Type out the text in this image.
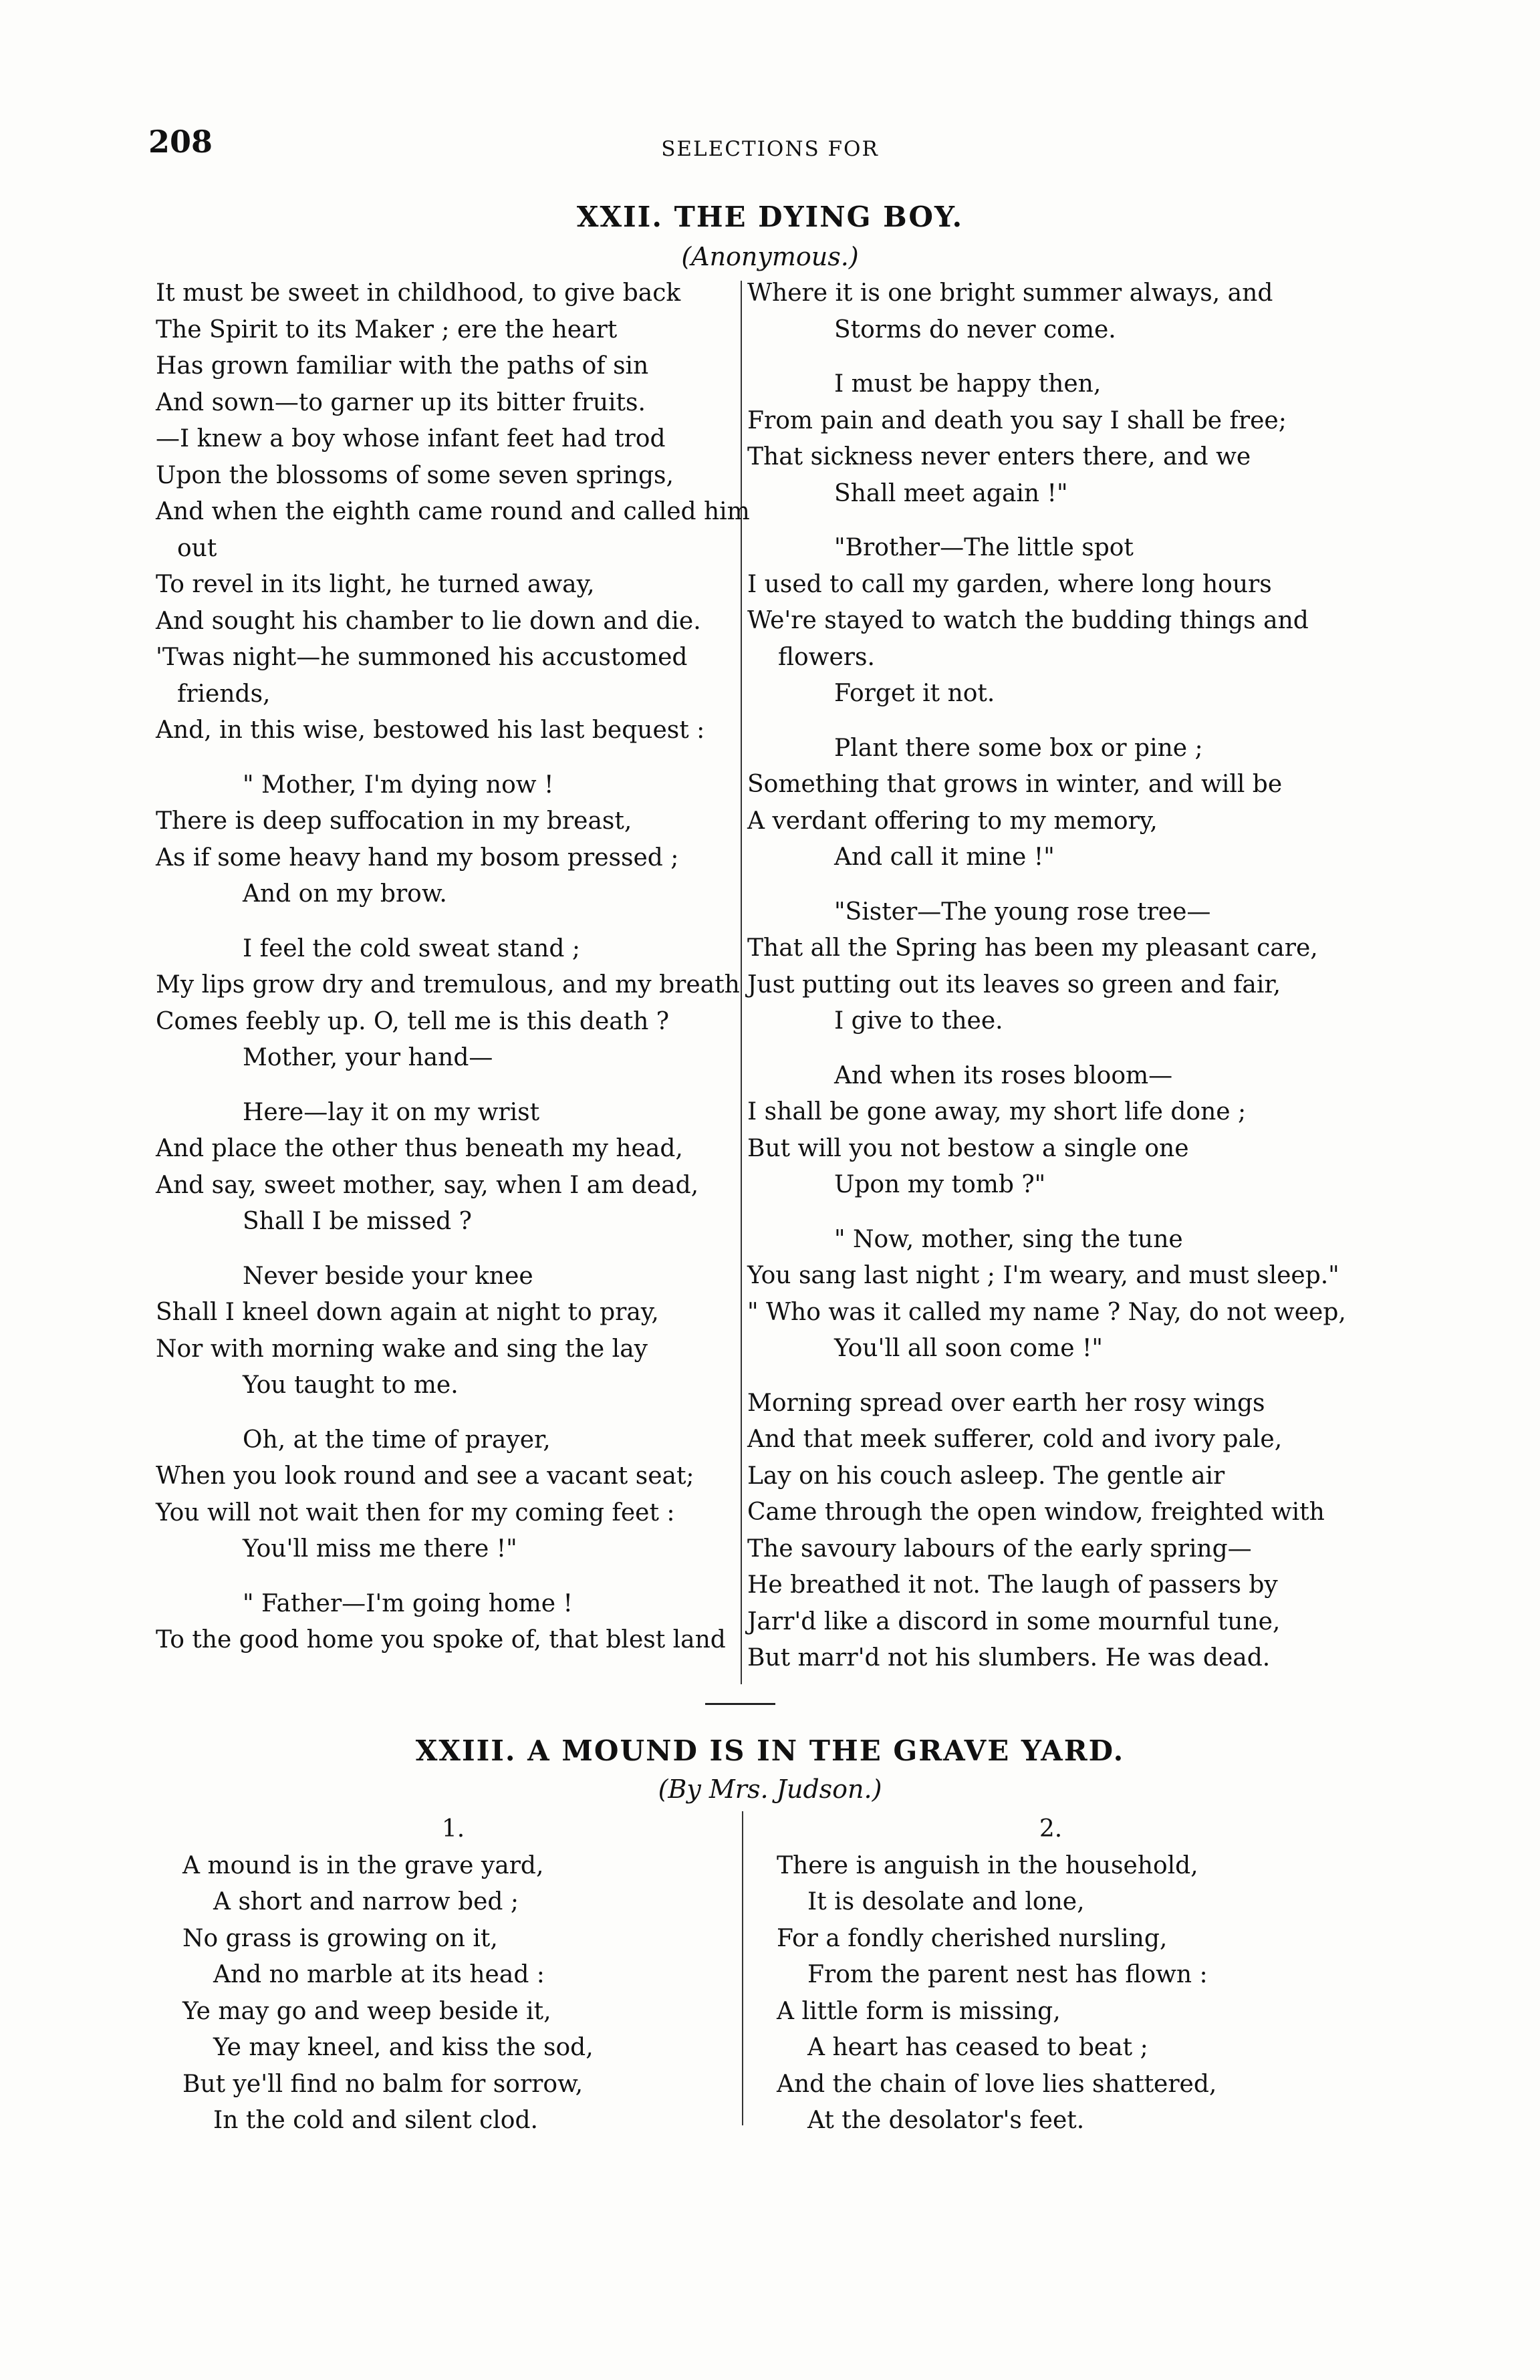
208	SELECTIONS FOR
XXII. THE DYING BOY.
(Anonymous.)
It must be sweet in childhood, to give back
The Spirit to its Maker ; ere the heart
Has grown familiar with the paths of sin
And sown—to garner up its bitter fruits.
—I knew a boy whose infant feet had trod
Upon the blossoms of some seven springs,
And when the eighth came round and called him
out
To revel in its light, he turned away,
And sought his chamber to lie down and die.
'Twas night—he summoned his accustomed
friends,
And, in this wise, bestowed his last bequest :
" Mother, I'm dying now !
There is deep suffocation in my breast,
As if some heavy hand my bosom pressed ;
And on my brow.
I feel the cold sweat stand ;
My lips grow dry and tremulous, and my breath
Comes feebly up. O, tell me is this death ?
Mother, your hand—
Here—lay it on my wrist
And place the other thus beneath my head,
And say, sweet mother, say, when I am dead,
Shall I be missed ?
Never beside your knee
Shall I kneel down again at night to pray,
Nor with morning wake and sing the lay
You taught to me.
Oh, at the time of prayer,
When you look round and see a vacant seat;
You will not wait then for my coming feet :
You'll miss me there !"
" Father—I'm going home !
To the good home you spoke of, that blest land
Where it is one bright summer always, and
Storms do never come.
I must be happy then,
From pain and death you say I shall be free;
That sickness never enters there, and we
Shall meet again !"
"Brother—The little spot
I used to call my garden, where long hours
We're stayed to watch the budding things and
flowers.
Forget it not.
Plant there some box or pine ;
Something that grows in winter, and will be
A verdant offering to my memory,
And call it mine !"
"Sister—The young rose tree—
That all the Spring has been my pleasant care,
Just putting out its leaves so green and fair,
I give to thee.
And when its roses bloom—
I shall be gone away, my short life done ;
But will you not bestow a single one
Upon my tomb ?"
" Now, mother, sing the tune
You sang last night ; I'm weary, and must sleep."
" Who was it called my name ? Nay, do not weep,
You'll all soon come !"
Morning spread over earth her rosy wings
And that meek sufferer, cold and ivory pale,
Lay on his couch asleep. The gentle air
Came through the open window, freighted with
The savoury labours of the early spring—
He breathed it not. The laugh of passers by
Jarr'd like a discord in some mournful tune,
But marr'd not his slumbers. He was dead.
XXIII. A MOUND IS IN THE GRAVE YARD.
(By Mrs. Judson.)
1.
A mound is in the grave yard,
A short and narrow bed ;
No grass is growing on it,
And no marble at its head :
Ye may go and weep beside it,
Ye may kneel, and kiss the sod,
But ye'll find no balm for sorrow,
In the cold and silent clod.
2.
There is anguish in the household,
It is desolate and lone,
For a fondly cherished nursling,
From the parent nest has flown :
A little form is missing,
A heart has ceased to beat ;
And the chain of love lies shattered,
At the desolator's feet.
